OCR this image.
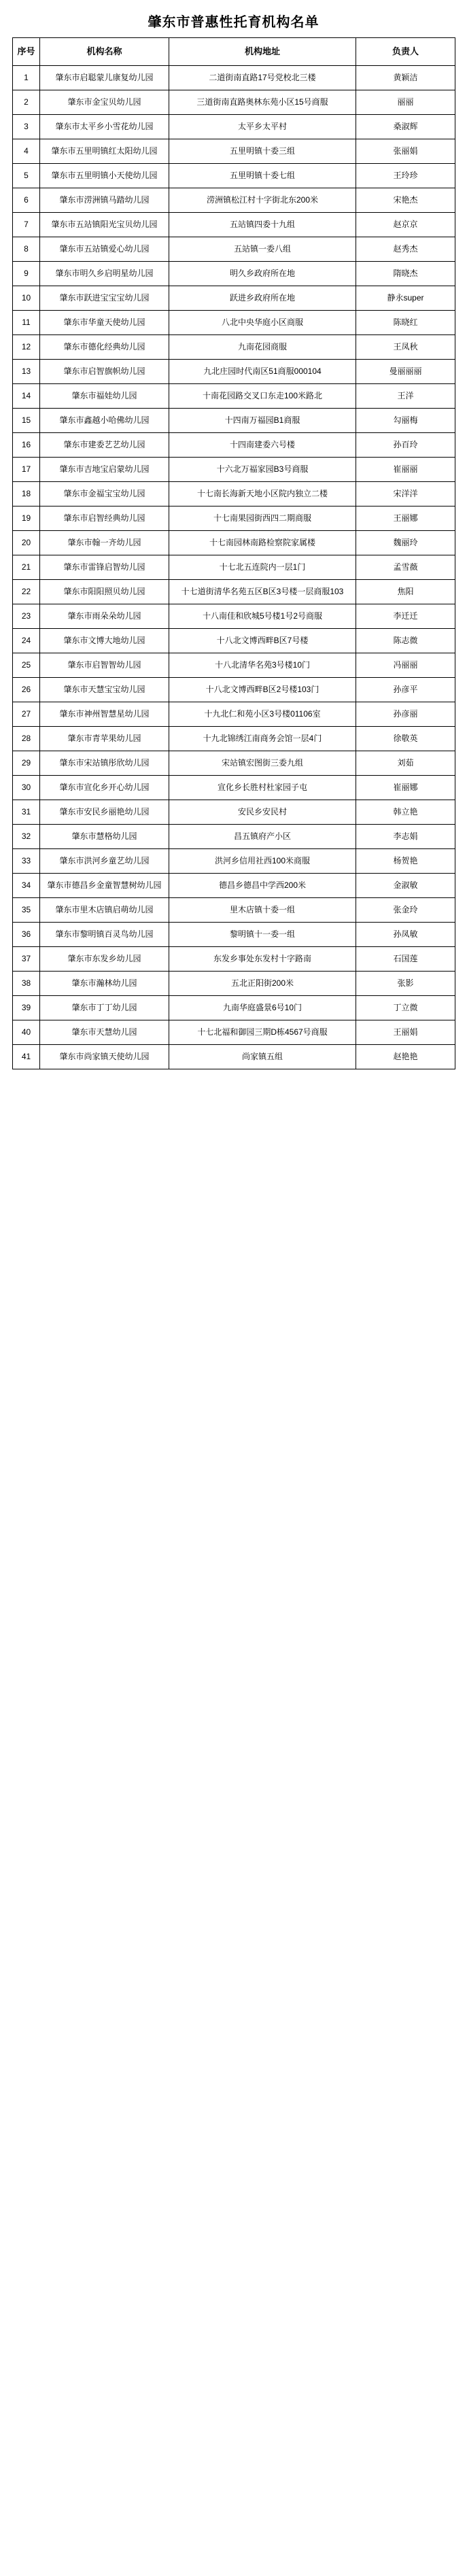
肇东市普惠性托育机构名单
序号	机构名称	机构地址	负责人
1	肇东市启聪蒙儿康复幼儿园	二道街南直路17号党校北三楼	黄颖洁
2	肇东市金宝贝幼儿园	三道街南直路奥林东苑小区15号商服	丽丽
3	肇东市太平乡小雪花幼儿园	太平乡太平村	桑淑辉
4	肇东市五里明镇红太阳幼儿园	五里明镇十委三组	张丽娟
5	肇东市五里明镇小天使幼儿园	五里明镇十委七组	王玲珍
6	肇东市涝洲镇马踏幼儿园	涝洲镇松江村十字街北东200米	宋艳杰
7	肇东市五站镇阳光宝贝幼儿园	五站镇四委十九组	赵京京
8	肇东市五站镇爱心幼儿园	五站镇一委八组	赵秀杰
9	肇东市明久乡启明星幼儿园	明久乡政府所在地	隋晓杰
10	肇东市跃进宝宝宝幼儿园	跃进乡政府所在地	静永super
11	肇东市华童天使幼儿园	八北中央华庭小区商服	陈晓红
12	肇东市德化经典幼儿园	九南花园商服	王凤秋
13	肇东市启智旗帜幼儿园	九北庄园时代南区51商服000104	曼丽丽丽
14	肇东市福娃幼儿园	十南花园路交叉口东走100米路北	王洋
15	肇东市鑫越小哈佛幼儿园	十四南万福园B1商服	勾丽梅
16	肇东市建委艺艺幼儿园	十四南建委六号楼	孙百玲
17	肇东市吉地宝启蒙幼儿园	十六北万福家园B3号商服	崔丽丽
18	肇东市金福宝宝幼儿园	十七南长海新天地小区院内独立二楼	宋洋洋
19	肇东市启智经典幼儿园	十七南果园街西四二期商服	王丽娜
20	肇东市翰一齐幼儿园	十七南园林南路检察院家属楼	魏丽玲
21	肇东市雷锋启智幼儿园	十七北五连院内一层1门	孟雪薇
22	肇东市阳阳照贝幼儿园	十七道街清华名苑五区B区3号楼一层商服103	焦阳
23	肇东市雨朵朵幼儿园	十八南佳和欣城5号楼1号2号商服	李迁迁
24	肇东市文博大地幼儿园	十八北文博西畔B区7号楼	陈志微
25	肇东市启智智幼儿园	十八北清华名苑3号楼10门	冯丽丽
26	肇东市天慧宝宝幼儿园	十八北文博西畔B区2号楼103门	孙彦平
27	肇东市神州智慧星幼儿园	十九北仁和苑小区3号楼01106室	孙彦丽
28	肇东市青苹果幼儿园	十九北锦绣江南商务会馆一层4门	徐敬英
29	肇东市宋站镇彤欣幼儿园	宋站镇宏图街三委九组	刘茹
30	肇东市宣化乡开心幼儿园	宣化乡长胜村杜家园子屯	崔丽娜
31	肇东市安民乡丽艳幼儿园	安民乡安民村	韩立艳
32	肇东市慧格幼儿园	昌五镇府产小区	李志娟
33	肇东市洪河乡童艺幼儿园	洪河乡信用社西100米商服	杨贺艳
34	肇东市德昌乡金童智慧树幼儿园	德昌乡德昌中学西200米	金淑敏
35	肇东市里木店镇启萌幼儿园	里木店镇十委一组	张金玲
36	肇东市黎明镇百灵鸟幼儿园	黎明镇十一委一组	孙凤敏
37	肇东市东发乡幼儿园	东发乡事处东发村十字路南	石国莲
38	肇东市瀚林幼儿园	五北正阳街200米	张影
39	肇东市丁丁幼儿园	九南华庭盛景6号10门	丁立微
40	肇东市天慧幼儿园	十七北福和御园三期D栋4567号商服	王丽娟
41	肇东市尚家镇天使幼儿园	尚家镇五组	赵艳艳
